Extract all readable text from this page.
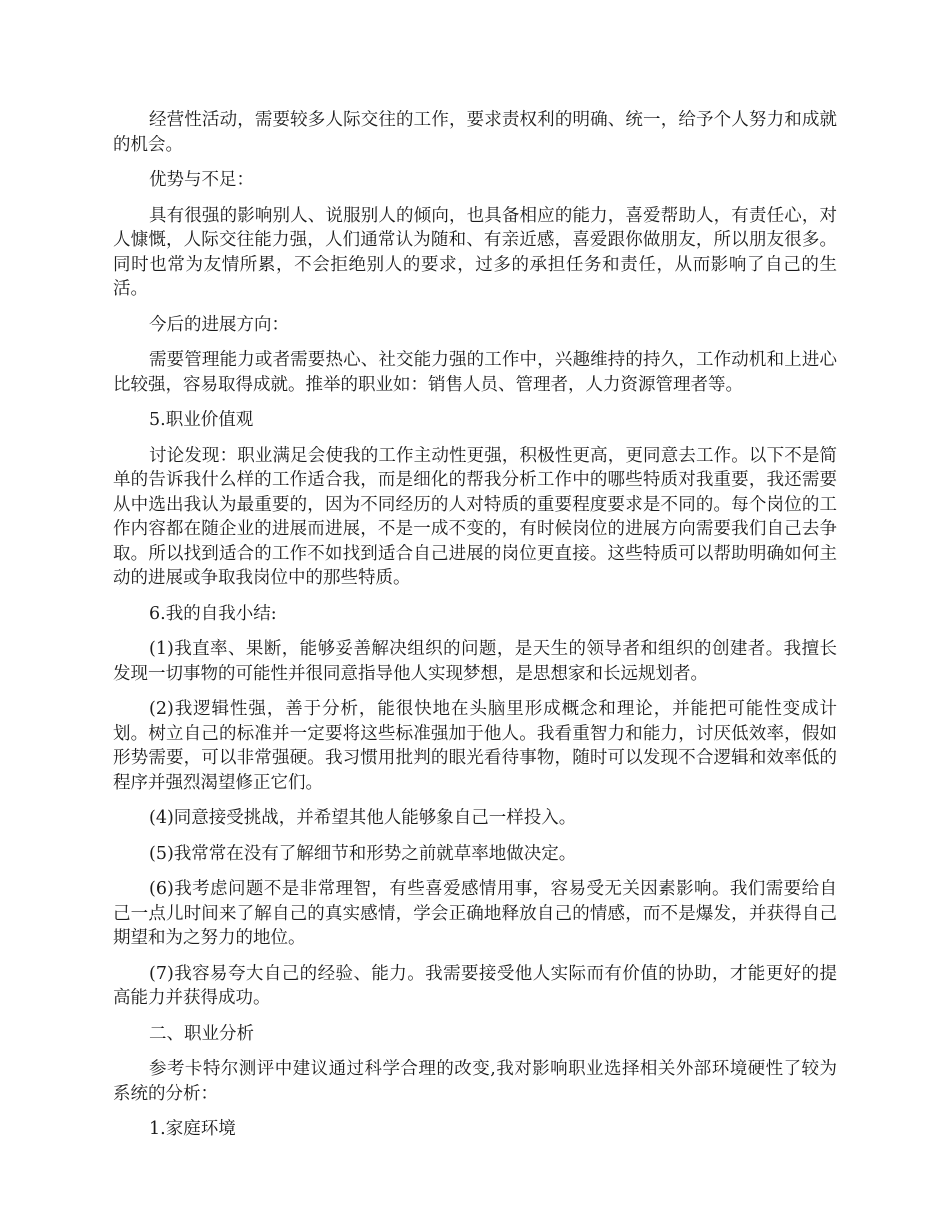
经营性活动，需要较多人际交往的工作，要求责权利的明确、统一，给予个人努力和成就的机会。

优势与不足：

具有很强的影响别人、说服别人的倾向，也具备相应的能力，喜爱帮助人，有责任心，对人慷慨，人际交往能力强，人们通常认为随和、有亲近感，喜爱跟你做朋友，所以朋友很多。同时也常为友情所累，不会拒绝别人的要求，过多的承担任务和责任，从而影响了自己的生活。

今后的进展方向：

需要管理能力或者需要热心、社交能力强的工作中，兴趣维持的持久，工作动机和上进心比较强，容易取得成就。推举的职业如：销售人员、管理者，人力资源管理者等。

5.职业价值观

讨论发现：职业满足会使我的工作主动性更强，积极性更高，更同意去工作。以下不是简单的告诉我什么样的工作适合我，而是细化的帮我分析工作中的哪些特质对我重要，我还需要从中选出我认为最重要的，因为不同经历的人对特质的重要程度要求是不同的。每个岗位的工作内容都在随企业的进展而进展，不是一成不变的，有时候岗位的进展方向需要我们自己去争取。所以找到适合的工作不如找到适合自己进展的岗位更直接。这些特质可以帮助明确如何主动的进展或争取我岗位中的那些特质。

6.我的自我小结:

(1)我直率、果断，能够妥善解决组织的问题，是天生的领导者和组织的创建者。我擅长发现一切事物的可能性并很同意指导他人实现梦想，是思想家和长远规划者。

(2)我逻辑性强，善于分析，能很快地在头脑里形成概念和理论，并能把可能性变成计划。树立自己的标准并一定要将这些标准强加于他人。我看重智力和能力，讨厌低效率，假如形势需要，可以非常强硬。我习惯用批判的眼光看待事物，随时可以发现不合逻辑和效率低的程序并强烈渴望修正它们。

(4)同意接受挑战，并希望其他人能够象自己一样投入。

(5)我常常在没有了解细节和形势之前就草率地做决定。

(6)我考虑问题不是非常理智，有些喜爱感情用事，容易受无关因素影响。我们需要给自己一点儿时间来了解自己的真实感情，学会正确地释放自己的情感，而不是爆发，并获得自己期望和为之努力的地位。

(7)我容易夸大自己的经验、能力。我需要接受他人实际而有价值的协助，才能更好的提高能力并获得成功。

二、职业分析

参考卡特尔测评中建议通过科学合理的改变,我对影响职业选择相关外部环境硬性了较为系统的分析：

1.家庭环境
